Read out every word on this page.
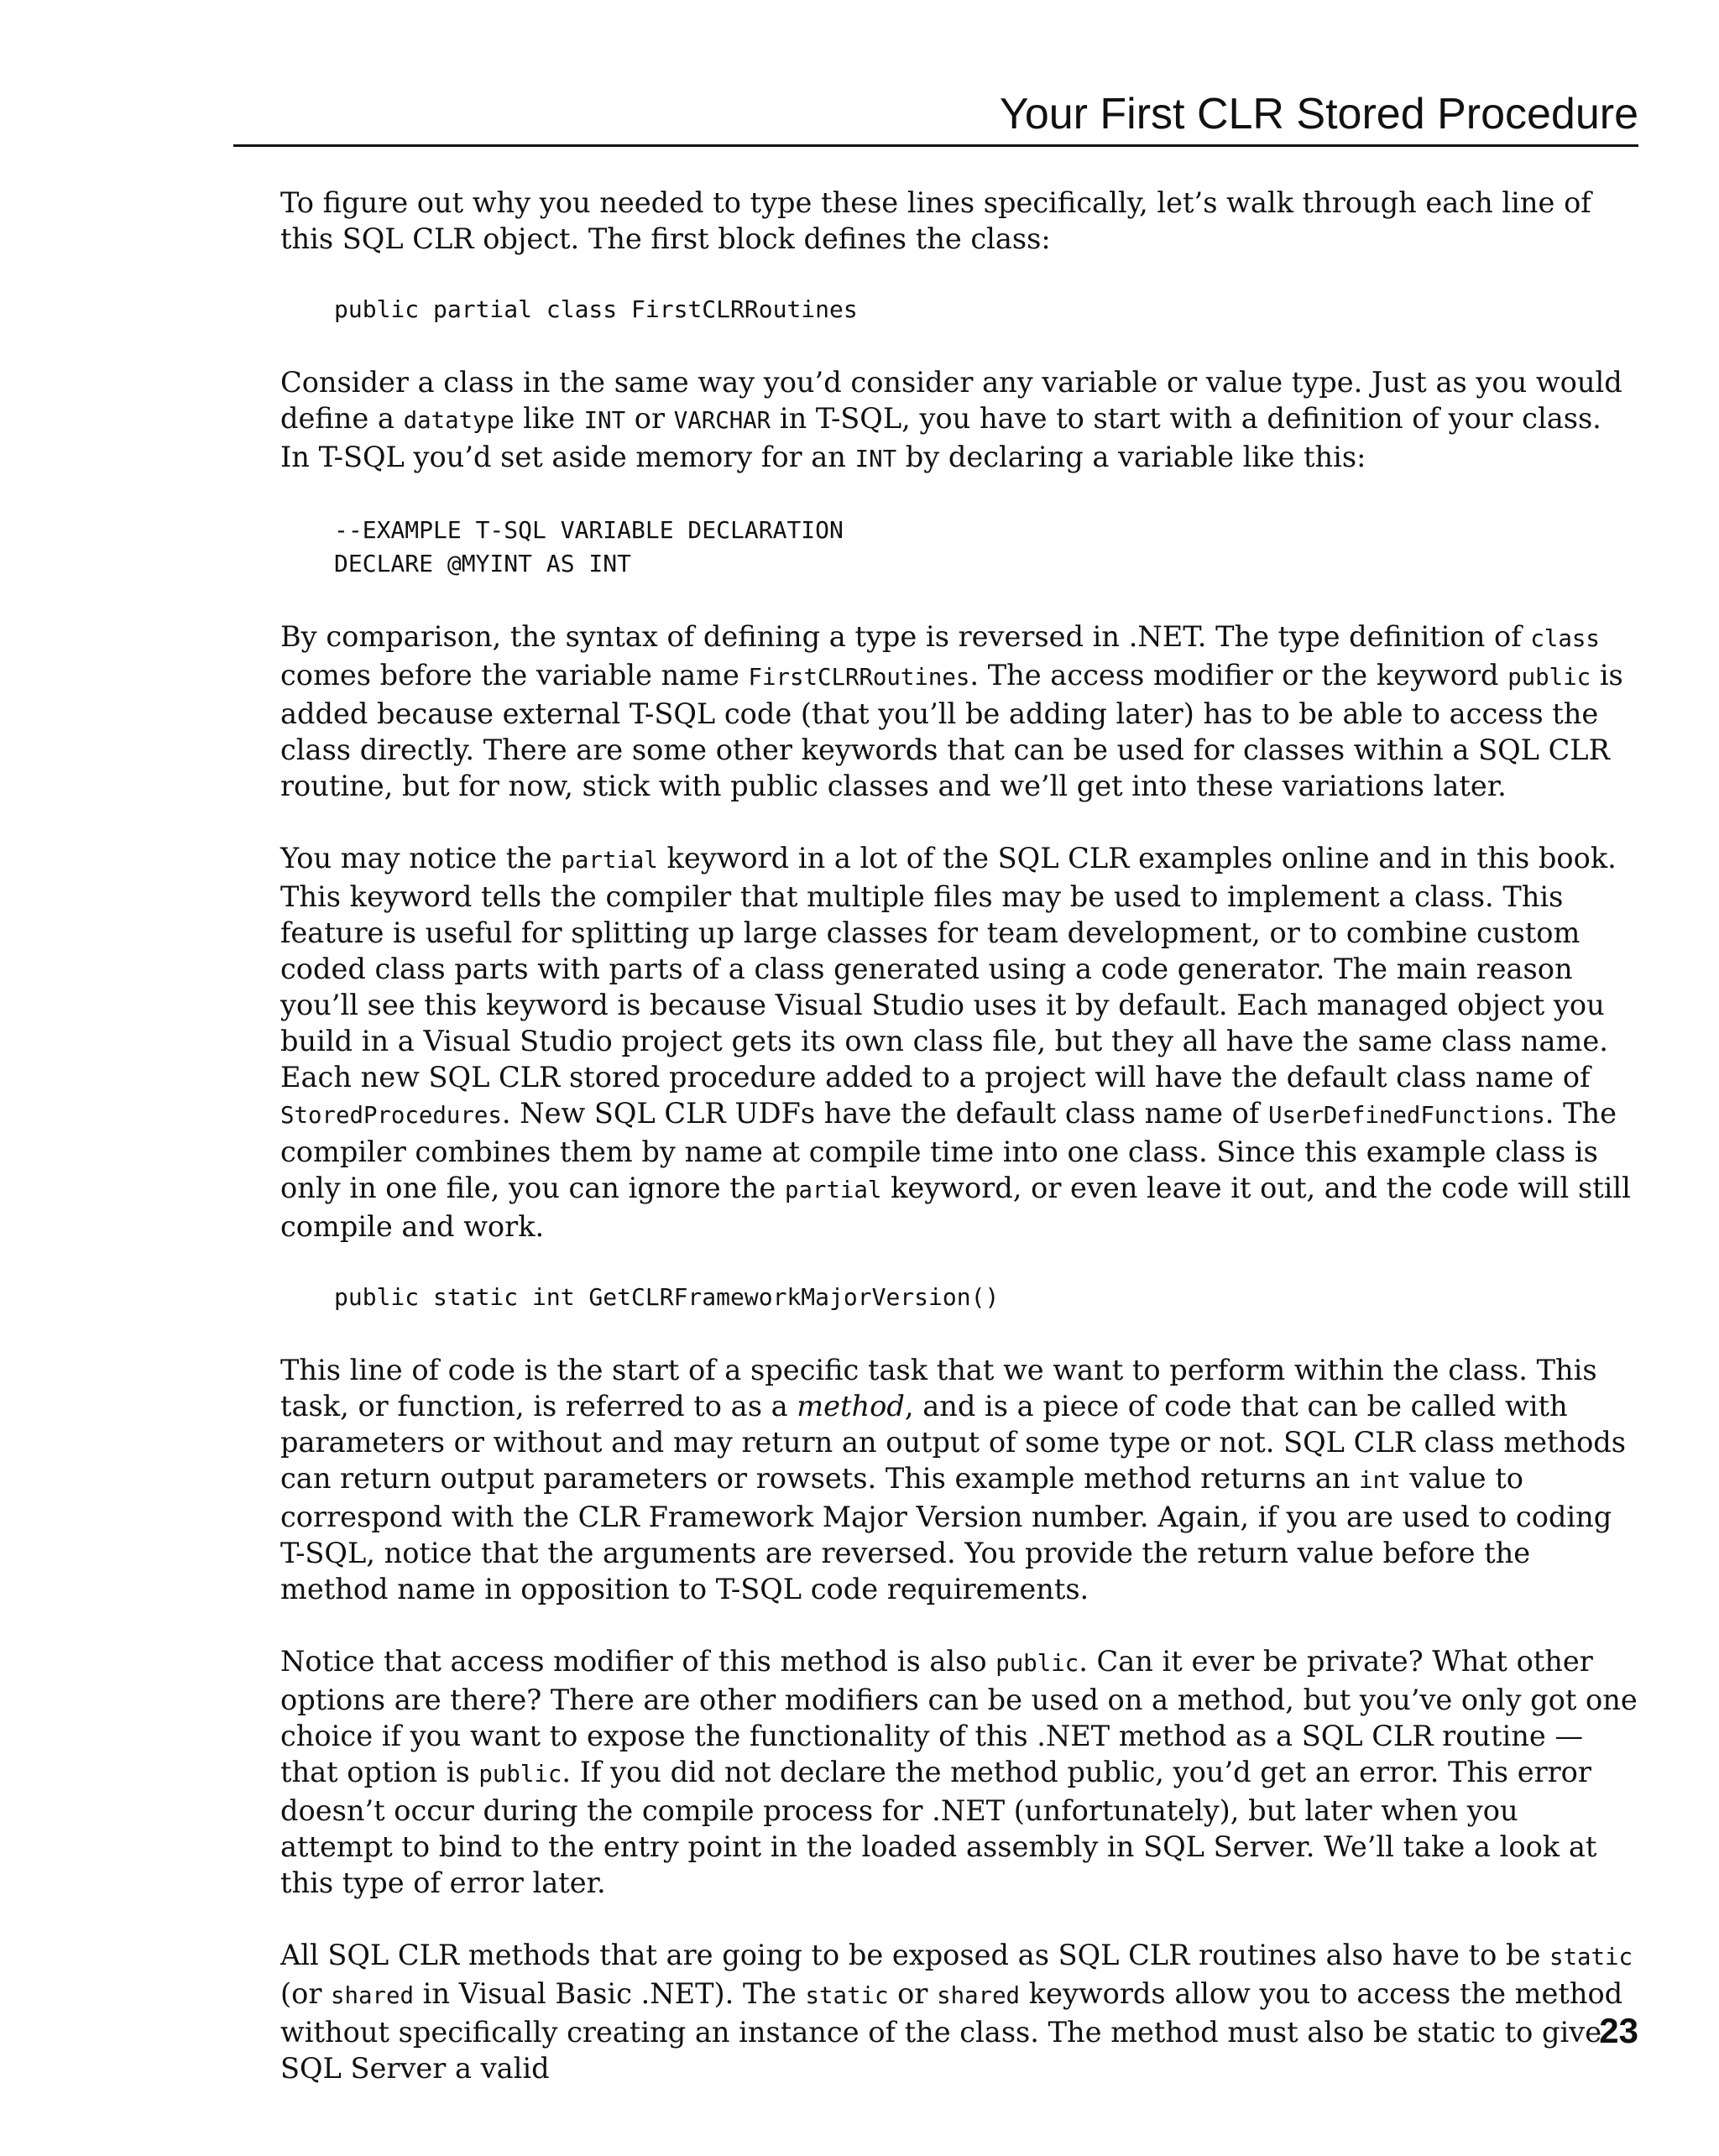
Your First CLR Stored Procedure

To figure out why you needed to type these lines specifically, let’s walk through each line of this SQL CLR object. The first block defines the class:

public partial class FirstCLRRoutines

Consider a class in the same way you’d consider any variable or value type. Just as you would define a datatype like INT or VARCHAR in T-SQL, you have to start with a definition of your class. In T-SQL you’d set aside memory for an INT by declaring a variable like this:

--EXAMPLE T-SQL VARIABLE DECLARATION
DECLARE @MYINT AS INT

By comparison, the syntax of defining a type is reversed in .NET. The type definition of class comes before the variable name FirstCLRRoutines. The access modifier or the keyword public is added because external T-SQL code (that you’ll be adding later) has to be able to access the class directly. There are some other keywords that can be used for classes within a SQL CLR routine, but for now, stick with public classes and we’ll get into these variations later.

You may notice the partial keyword in a lot of the SQL CLR examples online and in this book. This keyword tells the compiler that multiple files may be used to implement a class. This feature is useful for splitting up large classes for team development, or to combine custom coded class parts with parts of a class generated using a code generator. The main reason you’ll see this keyword is because Visual Studio uses it by default. Each managed object you build in a Visual Studio project gets its own class file, but they all have the same class name. Each new SQL CLR stored procedure added to a project will have the default class name of StoredProcedures. New SQL CLR UDFs have the default class name of UserDefinedFunctions. The compiler combines them by name at compile time into one class. Since this example class is only in one file, you can ignore the partial keyword, or even leave it out, and the code will still compile and work.

public static int GetCLRFrameworkMajorVersion()

This line of code is the start of a specific task that we want to perform within the class. This task, or function, is referred to as a method, and is a piece of code that can be called with parameters or without and may return an output of some type or not. SQL CLR class methods can return output parameters or rowsets. This example method returns an int value to correspond with the CLR Framework Major Version number. Again, if you are used to coding T-SQL, notice that the arguments are reversed. You provide the return value before the method name in opposition to T-SQL code requirements.

Notice that access modifier of this method is also public. Can it ever be private? What other options are there? There are other modifiers can be used on a method, but you’ve only got one choice if you want to expose the functionality of this .NET method as a SQL CLR routine — that option is public. If you did not declare the method public, you’d get an error. This error doesn’t occur during the compile process for .NET (unfortunately), but later when you attempt to bind to the entry point in the loaded assembly in SQL Server. We’ll take a look at this type of error later.

All SQL CLR methods that are going to be exposed as SQL CLR routines also have to be static (or shared in Visual Basic .NET). The static or shared keywords allow you to access the method without specifically creating an instance of the class. The method must also be static to give SQL Server a valid

23
